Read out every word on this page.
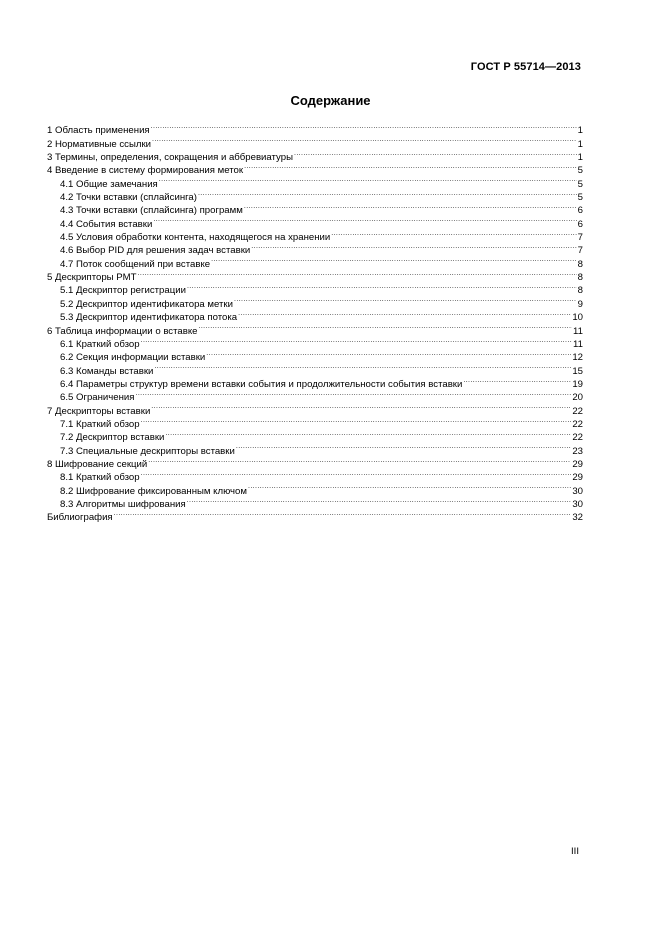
ГОСТ Р 55714—2013
Содержание
1 Область применения .....	1
2 Нормативные ссылки .....	1
3 Термины, определения, сокращения и аббревиатуры .....	1
4 Введение в систему формирования меток .....	5
4.1 Общие замечания .....	5
4.2 Точки вставки (сплайсинга) .....	5
4.3 Точки вставки (сплайсинга) программ .....	6
4.4 События вставки .....	6
4.5 Условия обработки контента, находящегося на хранении .....	7
4.6 Выбор PID для решения задач вставки .....	7
4.7 Поток сообщений при вставке .....	8
5 Дескрипторы PMT .....	8
5.1 Дескриптор регистрации .....	8
5.2 Дескриптор идентификатора метки .....	9
5.3 Дескриптор идентификатора потока .....	10
6 Таблица информации о вставке .....	11
6.1 Краткий обзор .....	11
6.2 Секция информации вставки .....	12
6.3 Команды вставки .....	15
6.4 Параметры структур времени вставки события и продолжительности события вставки .....	19
6.5 Ограничения .....	20
7 Дескрипторы вставки .....	22
7.1 Краткий обзор .....	22
7.2 Дескриптор вставки .....	22
7.3 Специальные дескрипторы вставки .....	23
8 Шифрование секций .....	29
8.1 Краткий обзор .....	29
8.2 Шифрование фиксированным ключом .....	30
8.3 Алгоритмы шифрования .....	30
Библиография .....	32
III
